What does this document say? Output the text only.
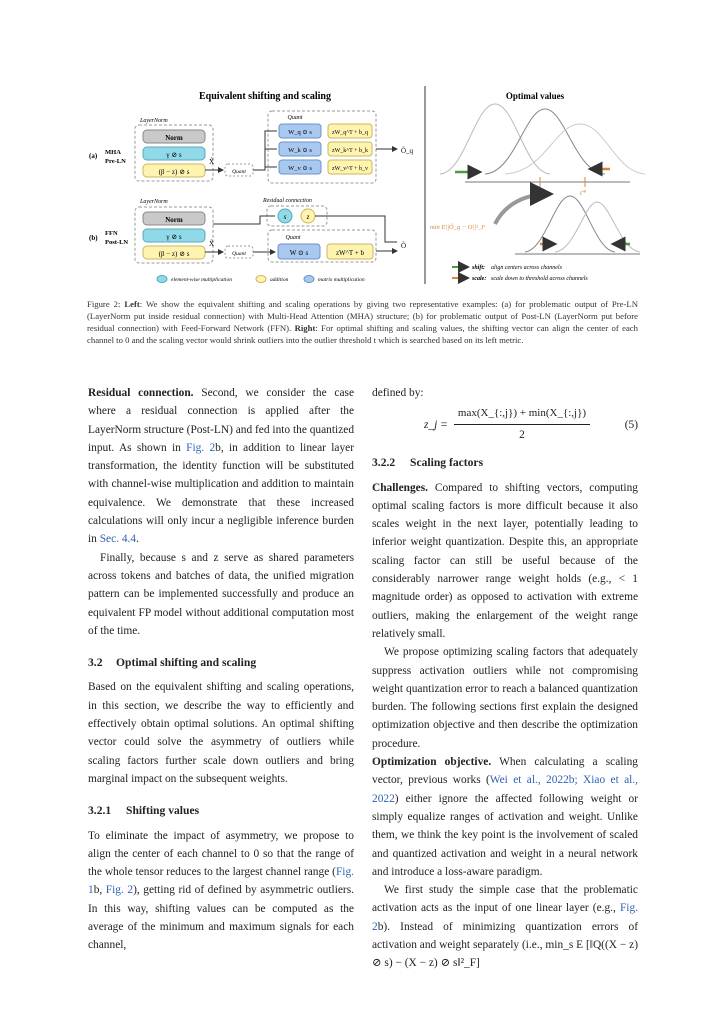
Equivalent shifting and scaling	Optimal values
LayerNorm
Norm
γ ⊘ s
(β − z) ⊘ s
(a) MHA
Pre-LN	X̃
Quant
Quant
W_q ⊙ s
W_k ⊙ s
W_v ⊙ s
zW_q^T + b_q
zW_k^T + b_k
zW_v^T + b_v
Õ_q
LayerNorm
Norm
γ ⊘ s
(β − z) ⊘ s
(b)
FFN
Post-LN
Residual connection
s	z
X̃
Quant
Quant
W ⊙ s	zW^T + b
Õ
element-wise multiplication	addition	matrix multiplication
-t*	t*
min E||Õ_q − O||²_F
shift: align centers across channels
scale: scale down to threshold across channels
Figure 2: Left: We show the equivalent shifting and scaling operations by giving two representative examples: (a) for problematic output of Pre-LN (LayerNorm put inside residual connection) with Multi-Head Attention (MHA) structure; (b) for problematic output of Post-LN (LayerNorm put before residual connection) with Feed-Forward Network (FFN). Right: For optimal shifting and scaling values, the shifting vector can align the center of each channel to 0 and the scaling vector would shrink outliers into the outlier threshold t which is searched based on its left metric.

Residual connection. Second, we consider the case where a residual connection is applied after the LayerNorm structure (Post-LN) and fed into the quantized input. As shown in Fig. 2b, in addition to linear layer transformation, the identity function will be substituted with channel-wise multiplication and addition to maintain equivalence. We demonstrate that these increased calculations will only incur a negligible inference burden in Sec. 4.4.

Finally, because s and z serve as shared parameters across tokens and batches of data, the unified migration pattern can be implemented successfully and produce an equivalent FP model without additional computation most of the time.

3.2 Optimal shifting and scaling

Based on the equivalent shifting and scaling operations, in this section, we describe the way to efficiently and effectively obtain optimal solutions. An optimal shifting vector could solve the asymmetry of outliers while scaling factors further scale down outliers and bring marginal impact on the subsequent weights.

3.2.1 Shifting values

To eliminate the impact of asymmetry, we propose to align the center of each channel to 0 so that the range of the whole tensor reduces to the largest channel range (Fig. 1b, Fig. 2), getting rid of defined by asymmetric outliers. In this way, shifting values can be computed as the average of the minimum and maximum signals for each channel,

defined by:

z_j =
max(X_{:,j}) + min(X_{:,j})
2
(5)
3.2.2 Scaling factors

Challenges. Compared to shifting vectors, computing optimal scaling factors is more difficult because it also scales weight in the next layer, potentially leading to inferior weight quantization. Despite this, an appropriate scaling factor can still be useful because of the considerably narrower range weight holds (e.g., < 1 magnitude order) as opposed to activation with extreme outliers, making the enlargement of the weight range relatively small.

We propose optimizing scaling factors that adequately suppress activation outliers while not compromising weight quantization error to reach a balanced quantization burden. The following sections first explain the designed optimization objective and then describe the optimization procedure.

Optimization objective. When calculating a scaling vector, previous works (Wei et al., 2022b; Xiao et al., 2022) either ignore the affected following weight or simply equalize ranges of activation and weight. Unlike them, we think the key point is the involvement of scaled and quantized activation and weight in a neural network and introduce a loss-aware paradigm.

We first study the simple case that the problematic activation acts as the input of one linear layer (e.g., Fig. 2b). Instead of minimizing quantization errors of activation and weight separately (i.e., min_s E [‖Q((X − z) ⊘ s) − (X − z) ⊘ s‖²_F]
